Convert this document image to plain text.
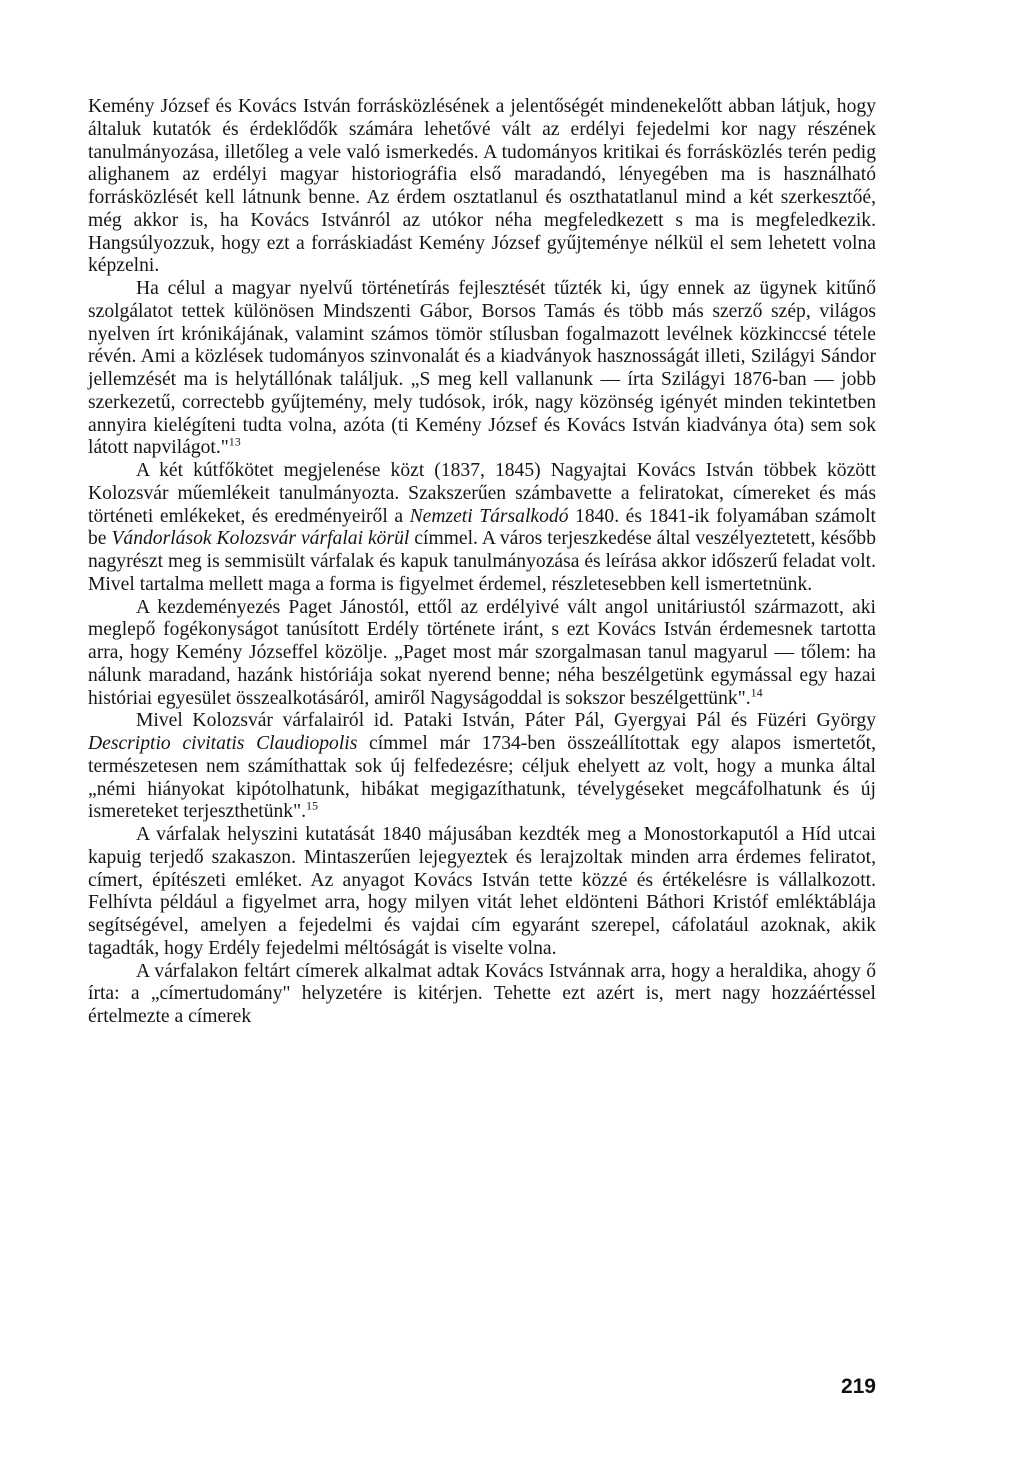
Kemény József és Kovács István forrásközlésének a jelentőségét mindenekelőtt abban látjuk, hogy általuk kutatók és érdeklődők számára lehetővé vált az erdélyi fejedelmi kor nagy részének tanulmányozása, illetőleg a vele való ismerkedés. A tudományos kritikai és forrásközlés terén pedig alighanem az erdélyi magyar historiográfia első maradandó, lényegében ma is használható forrásközlését kell látnunk benne. Az érdem osztatlanul és oszthatatlanul mind a két szerkesztőé, még akkor is, ha Kovács Istvánról az utókor néha megfeledkezett s ma is megfeledkezik. Hangsúlyozzuk, hogy ezt a forráskiadást Kemény József gyűjteménye nélkül el sem lehetett volna képzelni.

Ha célul a magyar nyelvű történetírás fejlesztését tűzték ki, úgy ennek az ügynek kitűnő szolgálatot tettek különösen Mindszenti Gábor, Borsos Tamás és több más szerző szép, világos nyelven írt krónikájának, valamint számos tömör stílusban fogalmazott levélnek közkinccsé tétele révén. Ami a közlések tudományos szinvonalát és a kiadványok hasznosságát illeti, Szilágyi Sándor jellemzését ma is helytállónak találjuk. „S meg kell vallanunk — írta Szilágyi 1876-ban — jobb szerkezetű, correctebb gyűjtemény, mely tudósok, irók, nagy közönség igényét minden tekintetben annyira kielégíteni tudta volna, azóta (ti Kemény József és Kovács István kiadványa óta) sem sok látott napvilágot."$^{13}$

A két kútfőkötet megjelenése közt (1837, 1845) Nagyajtai Kovács István többek között Kolozsvár műemlékeit tanulmányozta. Szakszerűen számbavette a feliratokat, címereket és más történeti emlékeket, és eredményeiről a Nemzeti Társalkodó 1840. és 1841-ik folyamában számolt be Vándorlások Kolozsvár várfalai körül címmel. A város terjeszkedése által veszélyeztetett, később nagyrészt meg is semmisült várfalak és kapuk tanulmányozása és leírása akkor időszerű feladat volt. Mivel tartalma mellett maga a forma is figyelmet érdemel, részletesebben kell ismertetnünk.

A kezdeményezés Paget Jánostól, ettől az erdélyivé vált angol unitáriustól származott, aki meglepő fogékonyságot tanúsított Erdély története iránt, s ezt Kovács István érdemesnek tartotta arra, hogy Kemény Józseffel közölje. „Paget most már szorgalmasan tanul magyarul — tőlem: ha nálunk maradand, hazánk históriája sokat nyerend benne; néha beszélgetünk egymással egy hazai históriai egyesület összealkotásáról, amiről Nagyságoddal is sokszor beszélgettünk".$^{14}$

Mivel Kolozsvár várfalairól id. Pataki István, Páter Pál, Gyergyai Pál és Füzéri György Descriptio civitatis Claudiopolis címmel már 1734-ben összeállítottak egy alapos ismertetőt, természetesen nem számíthattak sok új felfedezésre; céljuk ehelyett az volt, hogy a munka által „némi hiányokat kipótolhatunk, hibákat megigazíthatunk, tévelygéseket megcáfolhatunk és új ismereteket terjeszthetünk".$^{15}$

A várfalak helyszini kutatását 1840 májusában kezdték meg a Monostorkaputól a Híd utcai kapuig terjedő szakaszon. Mintaszerűen lejegyeztek és lerajzoltak minden arra érdemes feliratot, címert, építészeti emléket. Az anyagot Kovács István tette közzé és értékelésre is vállalkozott. Felhívta például a figyelmet arra, hogy milyen vitát lehet eldönteni Báthori Kristóf emléktáblája segítségével, amelyen a fejedelmi és vajdai cím egyaránt szerepel, cáfolatául azoknak, akik tagadták, hogy Erdély fejedelmi méltóságát is viselte volna.

A várfalakon feltárt címerek alkalmat adtak Kovács Istvánnak arra, hogy a heraldika, ahogy ő írta: a „címertudomány" helyzetére is kitérjen. Tehette ezt azért is, mert nagy hozzáértéssel értelmezte a címerek

219
